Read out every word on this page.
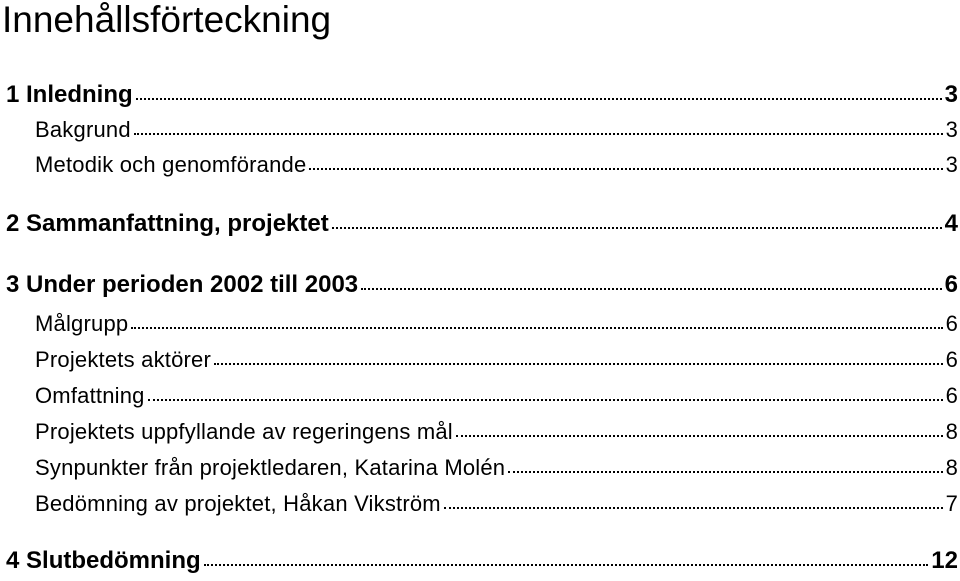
Innehållsförteckning
1 Inledning	3
Bakgrund	3
Metodik och genomförande	3
2 Sammanfattning, projektet	4
3 Under perioden 2002 till 2003	6
Målgrupp	6
Projektets aktörer	6
Omfattning	6
Projektets uppfyllande av regeringens mål	8
Synpunkter från projektledaren, Katarina Molén	8
Bedömning av projektet, Håkan Vikström	7
4 Slutbedömning	12
